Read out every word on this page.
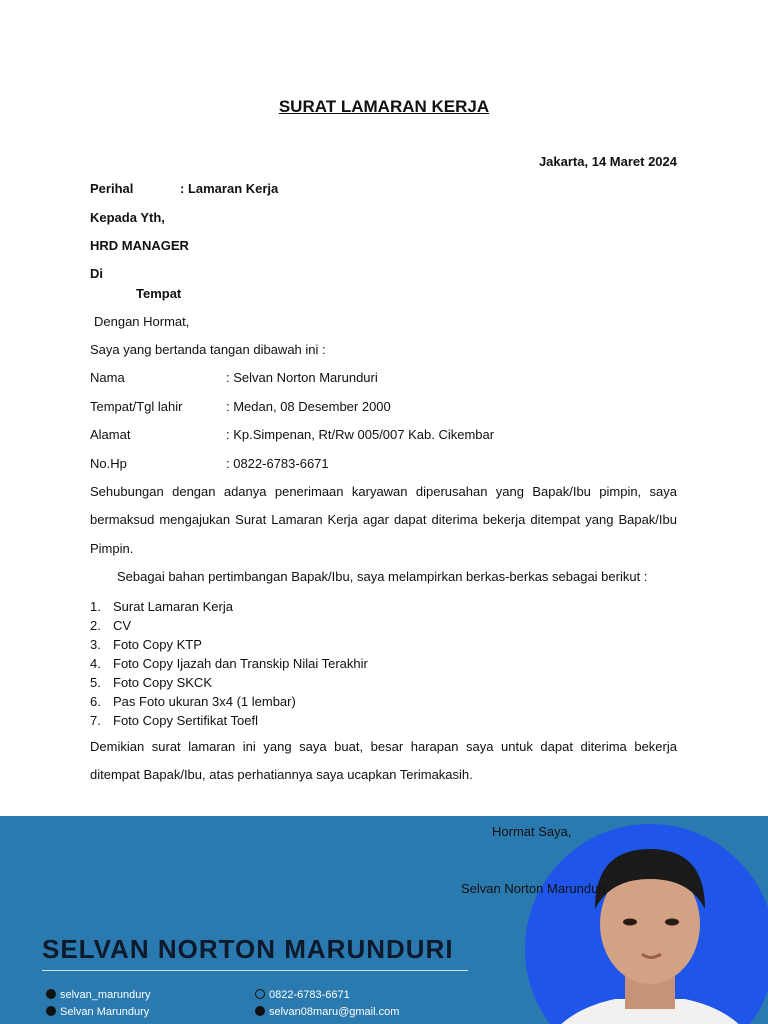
SURAT LAMARAN KERJA
Jakarta, 14 Maret 2024
Perihal	: Lamaran Kerja
Kepada Yth,
HRD MANAGER
Di
Tempat
Dengan Hormat,
Saya yang bertanda tangan dibawah ini :
Nama	: Selvan Norton Marunduri
Tempat/Tgl lahir	: Medan, 08 Desember 2000
Alamat	: Kp.Simpenan, Rt/Rw 005/007 Kab. Cikembar
No.Hp	: 0822-6783-6671
Sehubungan dengan adanya penerimaan karyawan diperusahan yang Bapak/Ibu pimpin, saya bermaksud mengajukan Surat Lamaran Kerja agar dapat diterima bekerja ditempat yang Bapak/Ibu Pimpin.
Sebagai bahan pertimbangan Bapak/Ibu, saya melampirkan berkas-berkas sebagai berikut :
1. Surat Lamaran Kerja
2. CV
3. Foto Copy KTP
4. Foto Copy Ijazah dan Transkip Nilai Terakhir
5. Foto Copy SKCK
6. Pas Foto ukuran 3x4 (1 lembar)
7. Foto Copy Sertifikat Toefl
Demikian surat lamaran ini yang saya buat, besar harapan saya untuk dapat diterima bekerja ditempat Bapak/Ibu, atas perhatiannya saya ucapkan Terimakasih.
Hormat Saya,
Selvan Norton Marunduri
SELVAN NORTON MARUNDURI
selvan_marundury
Selvan Marundury
0822-6783-6671
selvan08maru@gmail.com
